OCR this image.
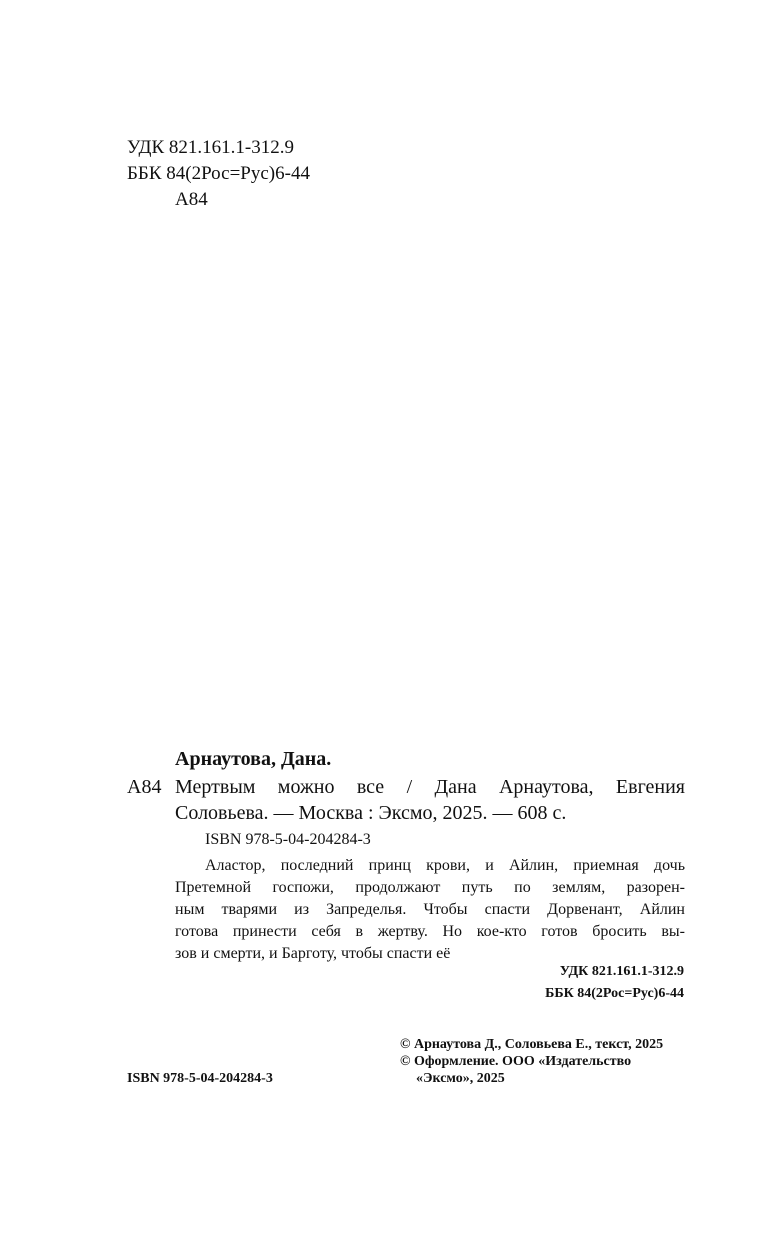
УДК 821.161.1-312.9
ББК 84(2Рос=Рус)6-44
А84
Арнаутова, Дана.
А84 Мертвым можно все / Дана Арнаутова, Евгения
Соловьева. — Москва : Эксмо, 2025. — 608 с.
ISBN 978-5-04-204284-3
Аластор, последний принц крови, и Айлин, приемная дочь
Претемной госпожи, продолжают путь по землям, разорен-
ным тварями из Запределья. Чтобы спасти Дорвенант, Айлин
готова принести себя в жертву. Но кое-кто готов бросить вы-
зов и смерти, и Барготу, чтобы спасти её
УДК 821.161.1-312.9
ББК 84(2Рос=Рус)6-44
© Арнаутова Д., Соловьева Е., текст, 2025
© Оформление. ООО «Издательство
ISBN 978-5-04-204284-3	«Эксмо», 2025
